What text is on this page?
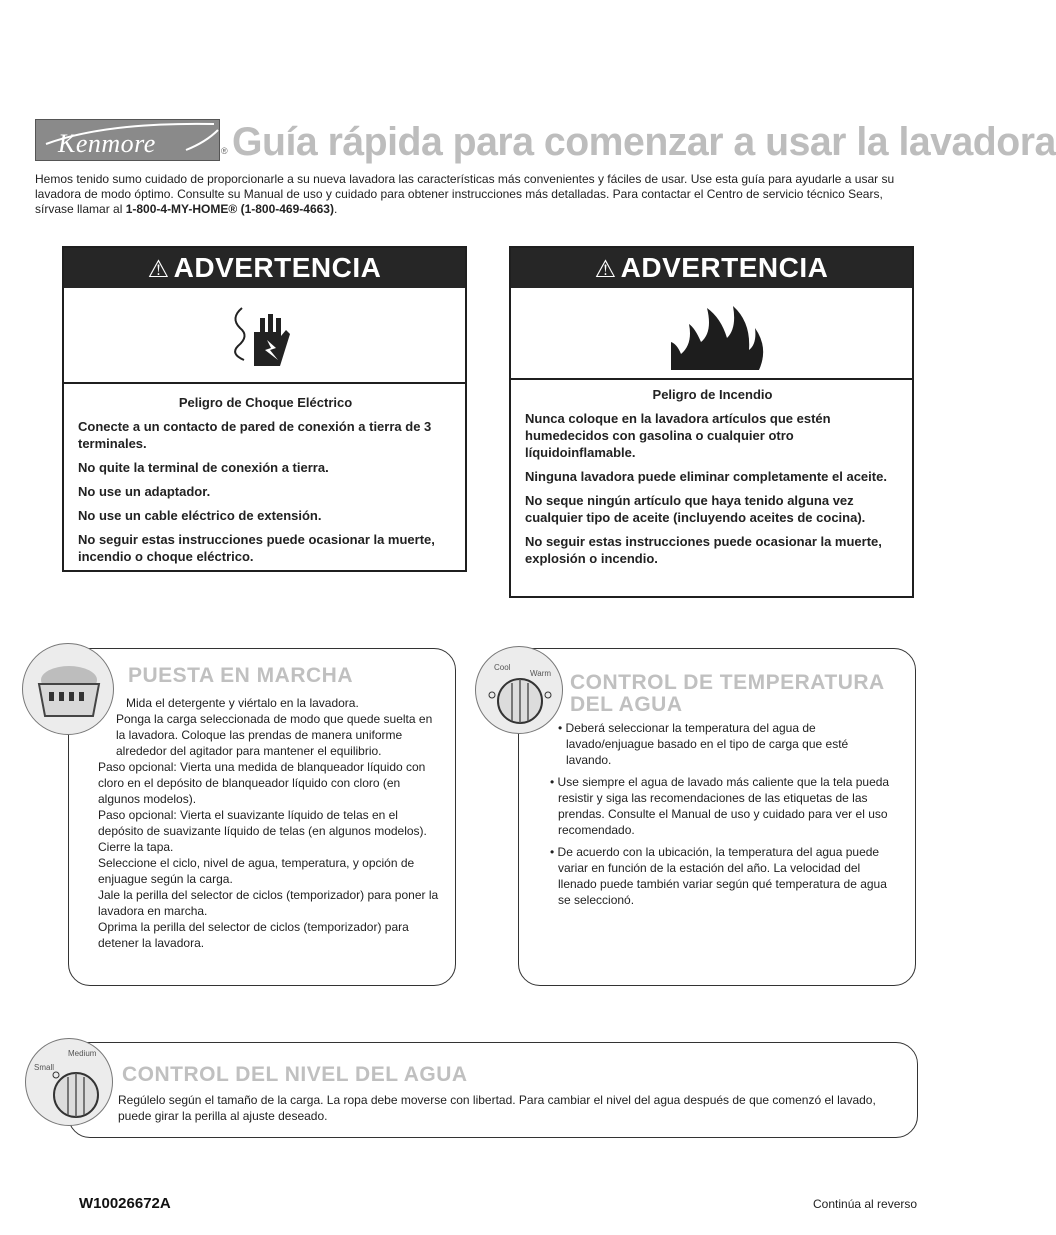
Kenmore	® Guía rápida para comenzar a usar la lavadora
Hemos tenido sumo cuidado de proporcionarle a su nueva lavadora las características más convenientes y fáciles de usar. Use esta guía para ayudarle a usar su lavadora de modo óptimo. Consulte su Manual de uso y cuidado para obtener instrucciones más detalladas. Para contactar el Centro de servicio técnico Sears, sírvase llamar al 1-800-4-MY-HOME® (1-800-469-4663).
⚠ ADVERTENCIA
Peligro de Choque Eléctrico

Conecte a un contacto de pared de conexión a tierra de 3 terminales.

No quite la terminal de conexión a tierra.

No use un adaptador.

No use un cable eléctrico de extensión.

No seguir estas instrucciones puede ocasionar la muerte, incendio o choque eléctrico.

⚠ ADVERTENCIA
Peligro de Incendio

Nunca coloque en la lavadora artículos que estén humedecidos con gasolina o cualquier otro líquidoinflamable.

Ninguna lavadora puede eliminar completamente el aceite.

No seque ningún artículo que haya tenido alguna vez cualquier tipo de aceite (incluyendo aceites de cocina).

No seguir estas instrucciones puede ocasionar la muerte, explosión o incendio.

PUESTA EN MARCHA

Mida el detergente y viértalo en la lavadora.

Ponga la carga seleccionada de modo que quede suelta en la lavadora. Coloque las prendas de manera uniforme alrededor del agitador para mantener el equilibrio.

Paso opcional: Vierta una medida de blanqueador líquido con cloro en el depósito de blanqueador líquido con cloro (en algunos modelos).

Paso opcional: Vierta el suavizante líquido de telas en el depósito de suavizante líquido de telas (en algunos modelos).

Cierre la tapa.

Seleccione el ciclo, nivel de agua, temperatura, y opción de enjuague según la carga.

Jale la perilla del selector de ciclos (temporizador) para poner la lavadora en marcha.

Oprima la perilla del selector de ciclos (temporizador) para detener la lavadora.

Cool
Warm CONTROL DE TEMPERATURA
DEL AGUA

• Deberá seleccionar la temperatura del agua de lavado/enjuague basado en el tipo de carga que esté lavando.

• Use siempre el agua de lavado más caliente que la tela pueda resistir y siga las recomendaciones de las etiquetas de las prendas. Consulte el Manual de uso y cuidado para ver el uso recomendado.

• De acuerdo con la ubicación, la temperatura del agua puede variar en función de la estación del año. La velocidad del llenado puede también variar según qué temperatura de agua se seleccionó.

Medium
Small	CONTROL DEL NIVEL DEL AGUA
Regúlelo según el tamaño de la carga. La ropa debe moverse con libertad. Para cambiar el nivel del agua después de que comenzó el lavado, puede girar la perilla al ajuste deseado.
W10026672A	Continúa al reverso
